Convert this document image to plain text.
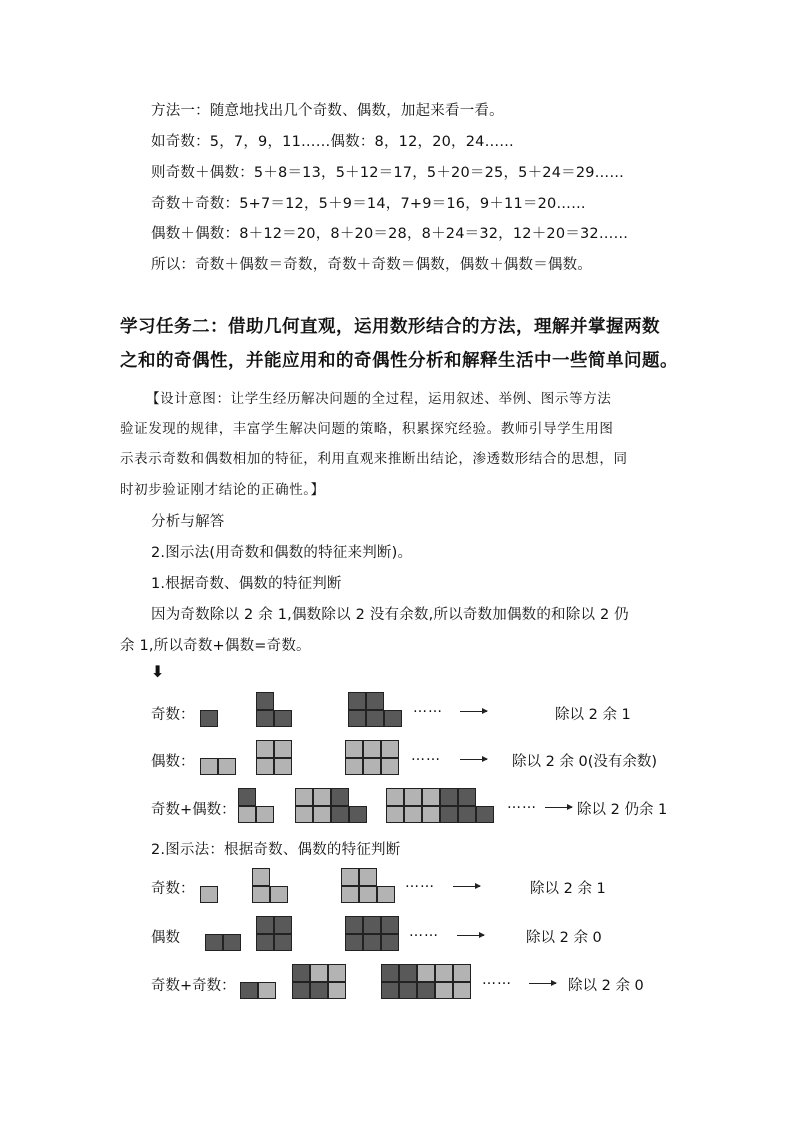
方法一：随意地找出几个奇数、偶数，加起来看一看。
如奇数：5，7，9，11……偶数：8，12，20，24……
则奇数＋偶数：5＋8＝13，5＋12＝17，5＋20＝25，5＋24＝29……
奇数＋奇数：5+7＝12，5＋9＝14，7+9＝16，9＋11＝20……
偶数＋偶数：8＋12＝20，8＋20＝28，8＋24＝32，12＋20＝32……
所以：奇数＋偶数＝奇数，奇数＋奇数＝偶数，偶数＋偶数＝偶数。
学习任务二：借助几何直观，运用数形结合的方法，理解并掌握两数
之和的奇偶性，并能应用和的奇偶性分析和解释生活中一些简单问题。
【设计意图：让学生经历解决问题的全过程，运用叙述、举例、图示等方法
验证发现的规律，丰富学生解决问题的策略，积累探究经验。教师引导学生用图
示表示奇数和偶数相加的特征，利用直观来推断出结论，渗透数形结合的思想，同
时初步验证刚才结论的正确性。】
分析与解答
2.图示法(用奇数和偶数的特征来判断)。
1.根据奇数、偶数的特征判断
因为奇数除以 2 余 1,偶数除以 2 没有余数,所以奇数加偶数的和除以 2 仍
余 1,所以奇数+偶数=奇数。
⬇
奇数：	……	除以 2 余 1
偶数：	……	除以 2 余 0(没有余数)
奇数+偶数：	……	除以 2 仍余 1
2.图示法：根据奇数、偶数的特征判断
奇数：	……	除以 2 余 1
偶数	……	除以 2 余 0
奇数+奇数：	……	除以 2 余 0
